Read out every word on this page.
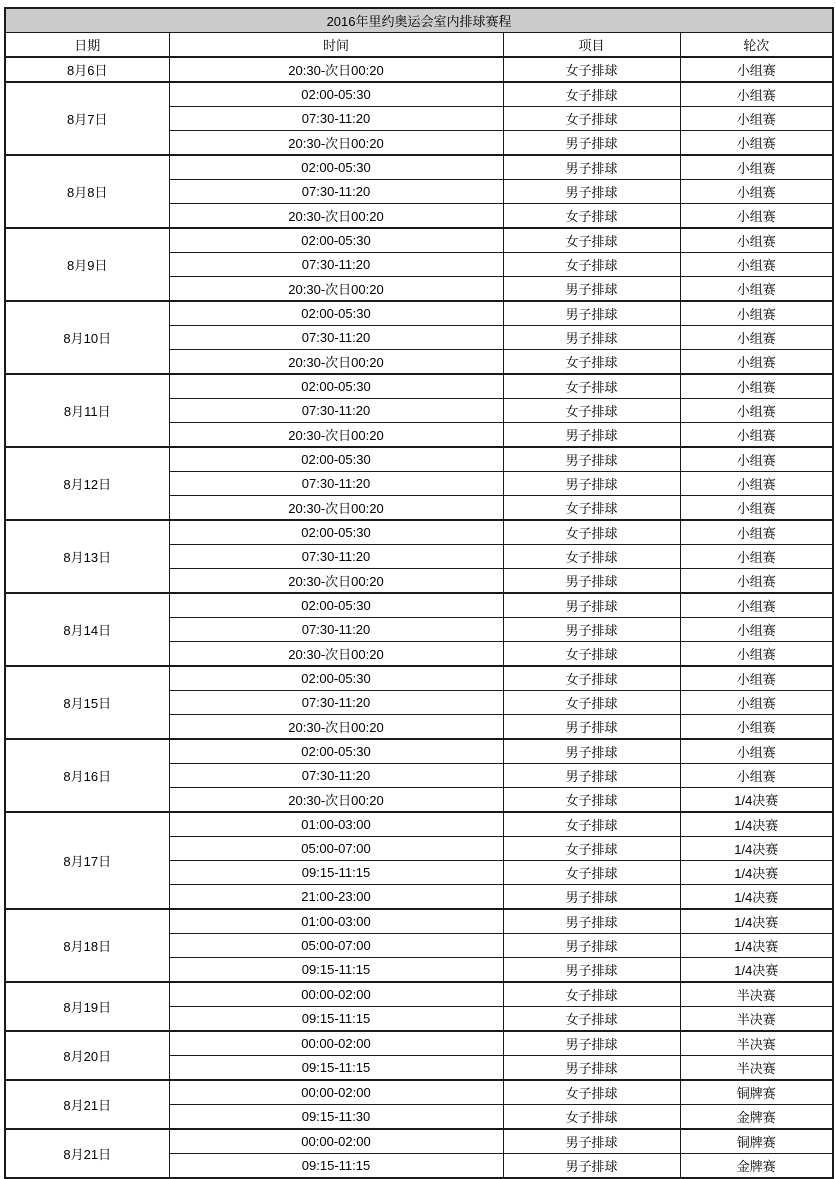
2016年里约奥运会室内排球赛程			
日期	时间	项目	轮次
8月6日	20:30-次日00:20	女子排球	小组赛
8月7日	02:00-05:30	女子排球	小组赛
	07:30-11:20	女子排球	小组赛
	20:30-次日00:20	男子排球	小组赛
8月8日	02:00-05:30	男子排球	小组赛
	07:30-11:20	男子排球	小组赛
	20:30-次日00:20	女子排球	小组赛
8月9日	02:00-05:30	女子排球	小组赛
	07:30-11:20	女子排球	小组赛
	20:30-次日00:20	男子排球	小组赛
8月10日	02:00-05:30	男子排球	小组赛
	07:30-11:20	男子排球	小组赛
	20:30-次日00:20	女子排球	小组赛
8月11日	02:00-05:30	女子排球	小组赛
	07:30-11:20	女子排球	小组赛
	20:30-次日00:20	男子排球	小组赛
8月12日	02:00-05:30	男子排球	小组赛
	07:30-11:20	男子排球	小组赛
	20:30-次日00:20	女子排球	小组赛
8月13日	02:00-05:30	女子排球	小组赛
	07:30-11:20	女子排球	小组赛
	20:30-次日00:20	男子排球	小组赛
8月14日	02:00-05:30	男子排球	小组赛
	07:30-11:20	男子排球	小组赛
	20:30-次日00:20	女子排球	小组赛
8月15日	02:00-05:30	女子排球	小组赛
	07:30-11:20	女子排球	小组赛
	20:30-次日00:20	男子排球	小组赛
8月16日	02:00-05:30	男子排球	小组赛
	07:30-11:20	男子排球	小组赛
	20:30-次日00:20	女子排球	1/4决赛
8月17日	01:00-03:00	女子排球	1/4决赛
	05:00-07:00	女子排球	1/4决赛
	09:15-11:15	女子排球	1/4决赛
	21:00-23:00	男子排球	1/4决赛
8月18日	01:00-03:00	男子排球	1/4决赛
	05:00-07:00	男子排球	1/4决赛
	09:15-11:15	男子排球	1/4决赛
8月19日	00:00-02:00	女子排球	半决赛
	09:15-11:15	女子排球	半决赛
8月20日	00:00-02:00	男子排球	半决赛
	09:15-11:15	男子排球	半决赛
8月21日	00:00-02:00	女子排球	铜牌赛
	09:15-11:30	女子排球	金牌赛
8月21日	00:00-02:00	男子排球	铜牌赛
	09:15-11:15	男子排球	金牌赛
